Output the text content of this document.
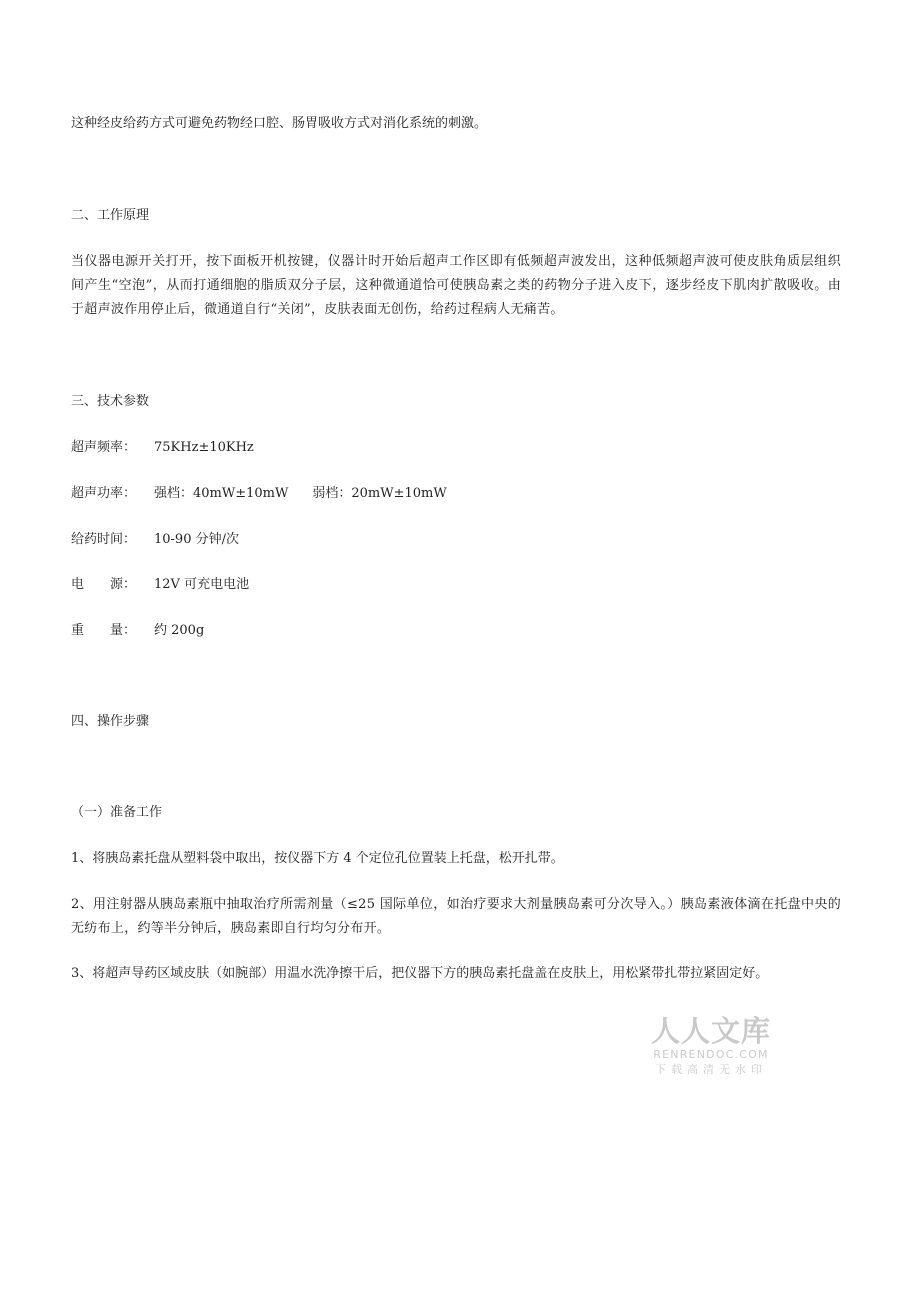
这种经皮给药方式可避免药物经口腔、肠胃吸收方式对消化系统的刺激。
二、工作原理
当仪器电源开关打开，按下面板开机按键，仪器计时开始后超声工作区即有低频超声波发出，这种低频超声波可使皮肤角质层组织间产生“空泡”，从而打通细胞的脂质双分子层，这种微通道恰可使胰岛素之类的药物分子进入皮下，逐步经皮下肌肉扩散吸收。由于超声波作用停止后，微通道自行“关闭”，皮肤表面无创伤，给药过程病人无痛苦。
三、技术参数
超声频率： 75KHz±10KHz
超声功率： 强档：40mW±10mW 弱档：20mW±10mW
给药时间： 10-90 分钟/次
电　　源： 12V 可充电电池
重　　量： 约 200g
四、操作步骤
（一）准备工作
1、将胰岛素托盘从塑料袋中取出，按仪器下方 4 个定位孔位置装上托盘，松开扎带。
2、用注射器从胰岛素瓶中抽取治疗所需剂量（≤25 国际单位，如治疗要求大剂量胰岛素可分次导入。）胰岛素液体滴在托盘中央的无纺布上，约等半分钟后，胰岛素即自行均匀分布开。
3、将超声导药区域皮肤（如腕部）用温水洗净擦干后，把仪器下方的胰岛素托盘盖在皮肤上，用松紧带扎带拉紧固定好。
人人文库
RENRENDOC.COM
下载高清无水印
